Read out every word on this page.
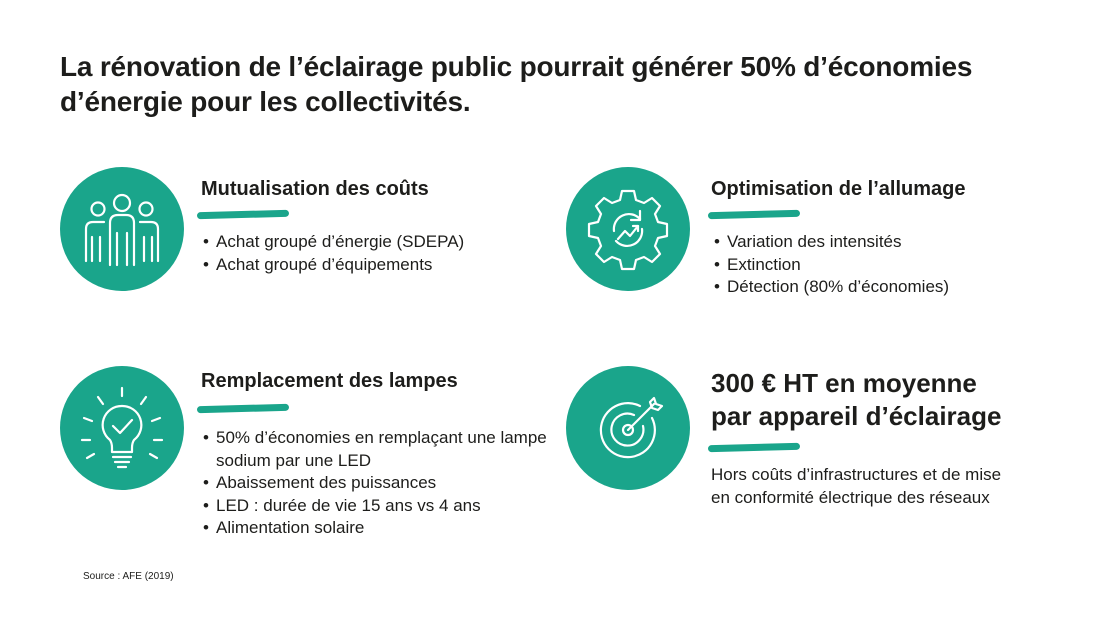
La rénovation de l’éclairage public pourrait générer 50% d’économies d’énergie pour les collectivités.
Mutualisation des coûts
• Achat groupé d’énergie (SDEPA)
• Achat groupé d’équipements
Optimisation de l’allumage
• Variation des intensités
• Extinction
• Détection (80% d’économies)
Remplacement des lampes
• 50% d’économies en remplaçant une lampe sodium par une LED
• Abaissement des puissances
• LED : durée de vie 15 ans vs 4 ans
• Alimentation solaire
300 € HT en moyenne
par appareil d’éclairage
Hors coûts d’infrastructures et de mise en conformité électrique des réseaux
Source : AFE (2019)
